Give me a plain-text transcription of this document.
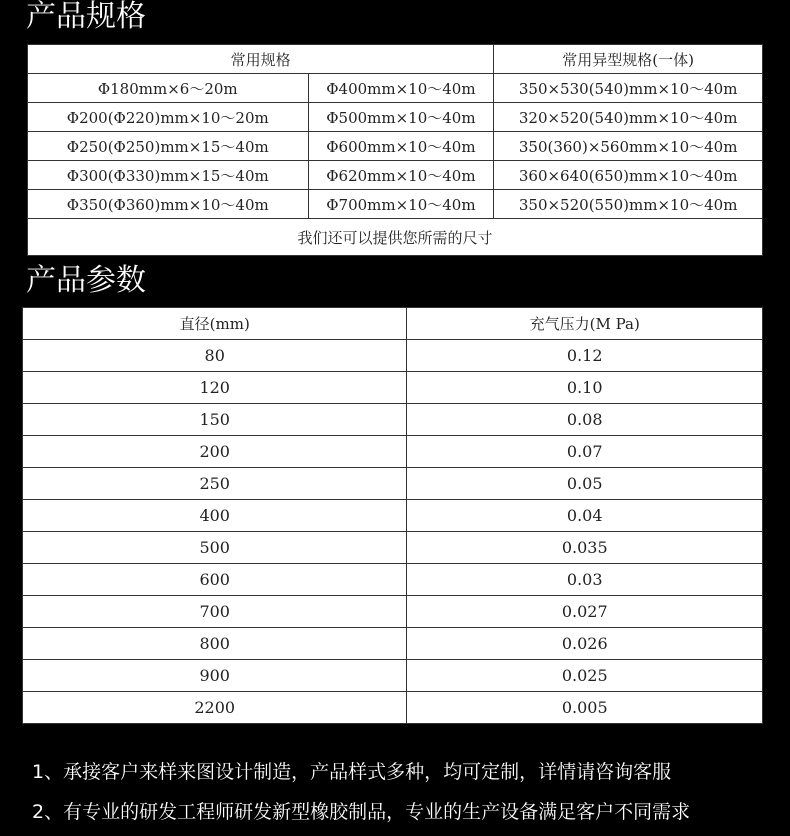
产品规格
常用规格		常用异型规格(一体)
Φ180mm×6～20m	Φ400mm×10～40m	350×530(540)mm×10～40m
Φ200(Φ220)mm×10～20m	Φ500mm×10～40m	320×520(540)mm×10～40m
Φ250(Φ250)mm×15～40m	Φ600mm×10～40m	350(360)×560mm×10～40m
Φ300(Φ330)mm×15～40m	Φ620mm×10～40m	360×640(650)mm×10～40m
Φ350(Φ360)mm×10～40m	Φ700mm×10～40m	350×520(550)mm×10～40m
我们还可以提供您所需的尺寸		
产品参数
直径(mm)	充气压力(M Pa)
80	0.12
120	0.10
150	0.08
200	0.07
250	0.05
400	0.04
500	0.035
600	0.03
700	0.027
800	0.026
900	0.025
2200	0.005
1、承接客户来样来图设计制造，产品样式多种，均可定制，详情请咨询客服
2、有专业的研发工程师研发新型橡胶制品，专业的生产设备满足客户不同需求
